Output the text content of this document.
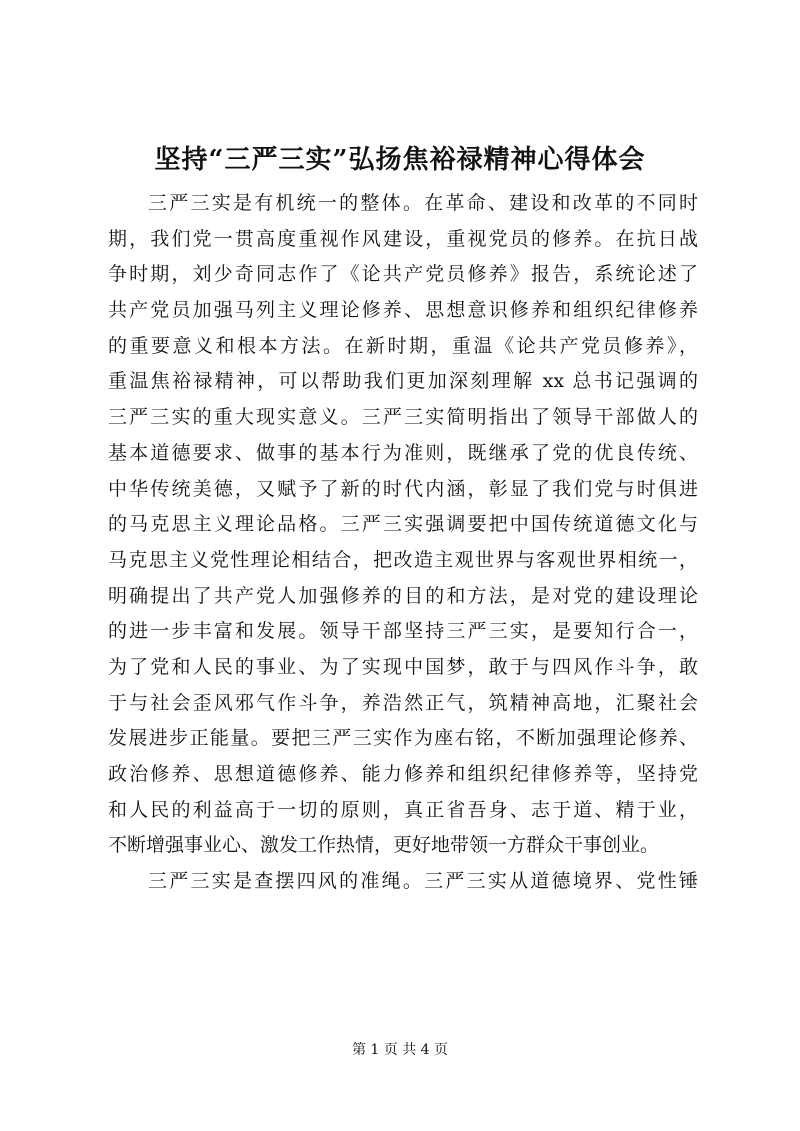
坚持“三严三实”弘扬焦裕禄精神心得体会
三严三实是有机统一的整体。在革命、建设和改革的不同时
期，我们党一贯高度重视作风建设，重视党员的修养。在抗日战
争时期，刘少奇同志作了《论共产党员修养》报告，系统论述了
共产党员加强马列主义理论修养、思想意识修养和组织纪律修养
的重要意义和根本方法。在新时期，重温《论共产党员修养》，
重温焦裕禄精神，可以帮助我们更加深刻理解 xx 总书记强调的
三严三实的重大现实意义。三严三实简明指出了领导干部做人的
基本道德要求、做事的基本行为准则，既继承了党的优良传统、
中华传统美德，又赋予了新的时代内涵，彰显了我们党与时俱进
的马克思主义理论品格。三严三实强调要把中国传统道德文化与
马克思主义党性理论相结合，把改造主观世界与客观世界相统一，
明确提出了共产党人加强修养的目的和方法，是对党的建设理论
的进一步丰富和发展。领导干部坚持三严三实，是要知行合一，
为了党和人民的事业、为了实现中国梦，敢于与四风作斗争，敢
于与社会歪风邪气作斗争，养浩然正气，筑精神高地，汇聚社会
发展进步正能量。要把三严三实作为座右铭，不断加强理论修养、
政治修养、思想道德修养、能力修养和组织纪律修养等，坚持党
和人民的利益高于一切的原则，真正省吾身、志于道、精于业，
不断增强事业心、激发工作热情，更好地带领一方群众干事创业。
三严三实是查摆四风的准绳。三严三实从道德境界、党性锤
第 1 页 共 4 页
